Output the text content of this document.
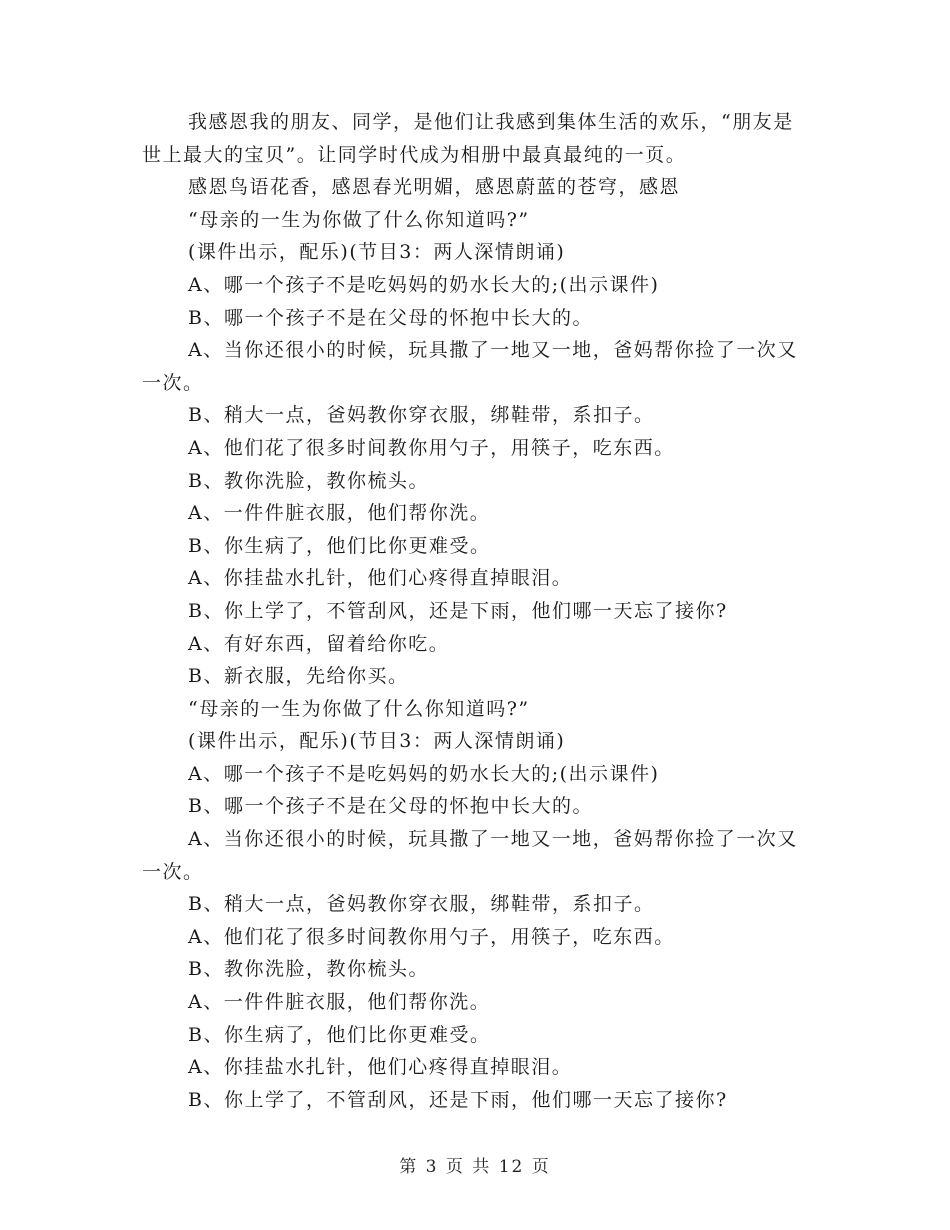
我感恩我的朋友、同学，是他们让我感到集体生活的欢乐，“朋友是世上最大的宝贝”。让同学时代成为相册中最真最纯的一页。

感恩鸟语花香，感恩春光明媚，感恩蔚蓝的苍穹，感恩

“母亲的一生为你做了什么你知道吗?”

(课件出示，配乐)(节目3：两人深情朗诵)

A、哪一个孩子不是吃妈妈的奶水长大的;(出示课件)

B、哪一个孩子不是在父母的怀抱中长大的。

A、当你还很小的时候，玩具撒了一地又一地，爸妈帮你捡了一次又一次。

B、稍大一点，爸妈教你穿衣服，绑鞋带，系扣子。

A、他们花了很多时间教你用勺子，用筷子，吃东西。

B、教你洗脸，教你梳头。

A、一件件脏衣服，他们帮你洗。

B、你生病了，他们比你更难受。

A、你挂盐水扎针，他们心疼得直掉眼泪。

B、你上学了，不管刮风，还是下雨，他们哪一天忘了接你?

A、有好东西，留着给你吃。

B、新衣服，先给你买。

“母亲的一生为你做了什么你知道吗?”

(课件出示，配乐)(节目3：两人深情朗诵)

A、哪一个孩子不是吃妈妈的奶水长大的;(出示课件)

B、哪一个孩子不是在父母的怀抱中长大的。

A、当你还很小的时候，玩具撒了一地又一地，爸妈帮你捡了一次又一次。

B、稍大一点，爸妈教你穿衣服，绑鞋带，系扣子。

A、他们花了很多时间教你用勺子，用筷子，吃东西。

B、教你洗脸，教你梳头。

A、一件件脏衣服，他们帮你洗。

B、你生病了，他们比你更难受。

A、你挂盐水扎针，他们心疼得直掉眼泪。

B、你上学了，不管刮风，还是下雨，他们哪一天忘了接你?

第 3 页 共 12 页
